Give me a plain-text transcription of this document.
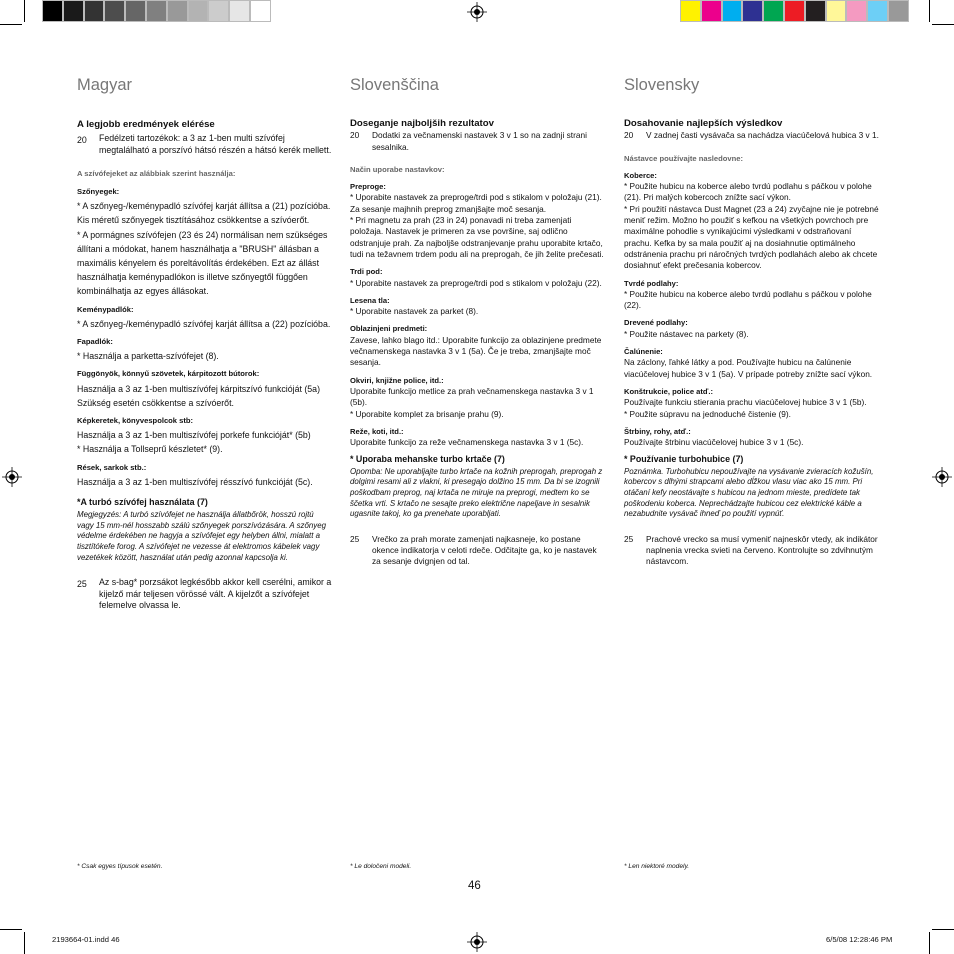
Magyar
A legjobb eredmények elérése
20	Fedélzeti tartozékok: a 3 az 1-ben multi szívófej megtalálható a porszívó hátsó részén a hátsó kerék mellett.
A szívófejeket az alábbiak szerint használja:
Szőnyegek:

* A szőnyeg-/keménypadló szívófej karját állítsa a (21) pozícióba. Kis méretű szőnyegek tisztításához csökkentse a szívóerőt.

* A pormágnes szívófejen (23 és 24) normálisan nem szükséges állítani a módokat, hanem használhatja a "BRUSH" állásban a maximális kényelem és poreltávolítás érdekében. Ezt az állást használhatja keménypadlókon is illetve szőnyegtől függően kombinálhatja az egyes állásokat.

Keménypadlók:

* A szőnyeg-/keménypadló szívófej karját állítsa a (22) pozícióba.

Fapadlók:

* Használja a parketta-szívófejet (8).

Függönyök, könnyű szövetek, kárpitozott bútorok:

Használja a 3 az 1-ben multiszívófej kárpitszívó funkcióját (5a)

Szükség esetén csökkentse a szívóerőt.

Képkeretek, könyvespolcok stb:

Használja a 3 az 1-ben multiszívófej porkefe funkcióját* (5b)

* Használja a Tollseprű készletet* (9).

Rések, sarkok stb.:

Használja a 3 az 1-ben multiszívófej résszívó funkcióját (5c).

*A turbó szívófej használata (7)

Megjegyzés: A turbó szívófejet ne használja állatbőrök, hosszú rojtú vagy 15 mm-nél hosszabb szálú szőnyegek porszívózására. A szőnyeg védelme érdekében ne hagyja a szívófejet egy helyben állni, mialatt a tisztítókefe forog. A szívófejet ne vezesse át elektromos kábelek vagy vezetékek között, használat után pedig azonnal kapcsolja ki.

25	Az s-bag* porzsákot legkésőbb akkor kell cserélni, amikor a kijelző már teljesen vörössé vált. A kijelzőt a szívófejet felemelve olvassa le.
* Csak egyes típusok esetén.
Slovenščina
Doseganje najboljših rezultatov
20	Dodatki za večnamenski nastavek 3 v 1 so na zadnji strani sesalnika.
Način uporabe nastavkov:
Preproge:

* Uporabite nastavek za preproge/trdi pod s stikalom v položaju (21). Za sesanje majhnih preprog zmanjšajte moč sesanja.

* Pri magnetu za prah (23 in 24) ponavadi ni treba zamenjati položaja. Nastavek je primeren za vse površine, saj odlično odstranjuje prah. Za najboljše odstranjevanje prahu uporabite krtačo, tudi na težavnem trdem podu ali na preprogah, če jih želite prečesati.

Trdi pod:

* Uporabite nastavek za preproge/trdi pod s stikalom v položaju (22).

Lesena tla:

* Uporabite nastavek za parket (8).

Oblazinjeni predmeti:

Zavese, lahko blago itd.: Uporabite funkcijo za oblazinjene predmete večnamenskega nastavka 3 v 1 (5a). Če je treba, zmanjšajte moč sesanja.

Okviri, knjižne police, itd.:

Uporabite funkcijo metlice za prah večnamenskega nastavka 3 v 1 (5b).

* Uporabite komplet za brisanje prahu (9).

Reže, koti, itd.:

Uporabite funkcijo za reže večnamenskega nastavka 3 v 1 (5c).

* Uporaba mehanske turbo krtače (7)

Opomba: Ne uporabljajte turbo krtače na kožnih preprogah, preprogah z dolgimi resami ali z vlakni, ki presegajo dolžino 15 mm. Da bi se izognili poškodbam preprog, naj krtača ne miruje na preprogi, medtem ko se ščetka vrti. S krtačo ne sesajte preko električne napeljave in sesalnik ugasnite takoj, ko ga prenehate uporabljati.

25	Vrečko za prah morate zamenjati najkasneje, ko postane okence indikatorja v celoti rdeče. Odčitajte ga, ko je nastavek za sesanje dvignjen od tal.
* Le določeni modeli.
Slovensky
Dosahovanie najlepších výsledkov
20	V zadnej časti vysávača sa nachádza viacúčelová hubica 3 v 1.
Nástavce používajte nasledovne:
Koberce:

* Použite hubicu na koberce alebo tvrdú podlahu s páčkou v polohe (21). Pri malých kobercoch znížte sací výkon.

* Pri použití nástavca Dust Magnet (23 a 24) zvyčajne nie je potrebné meniť režim. Možno ho použiť s kefkou na všetkých povrchoch pre maximálne pohodlie s vynikajúcimi výsledkami v odstraňovaní prachu. Kefka by sa mala použiť aj na dosiahnutie optimálneho odstránenia prachu pri náročných tvrdých podlahách alebo ak chcete dosiahnuť efekt prečesania kobercov.

Tvrdé podlahy:

* Použite hubicu na koberce alebo tvrdú podlahu s páčkou v polohe (22).

Drevené podlahy:

* Použite nástavec na parkety (8).

Čalúnenie:

Na záclony, ľahké látky a pod. Používajte hubicu na čalúnenie viacúčelovej hubice 3 v 1 (5a). V prípade potreby znížte sací výkon.

Konštrukcie, police atď.:

Používajte funkciu stierania prachu viacúčelovej hubice 3 v 1 (5b).

* Použite súpravu na jednoduché čistenie (9).

Štrbiny, rohy, atď.:

Používajte štrbinu viacúčelovej hubice 3 v 1 (5c).

* Používanie turbohubice (7)

Poznámka. Turbohubicu nepoužívajte na vysávanie zvieracích kožušín, kobercov s dlhými strapcami alebo dĺžkou vlasu viac ako 15 mm. Pri otáčaní kefy neostávajte s hubicou na jednom mieste, predídete tak poškodeniu koberca. Neprechádzajte hubicou cez elektrické káble a nezabudnite vysávač ihneď po použití vypnúť.

25	Prachové vrecko sa musí vymeniť najneskôr vtedy, ak indikátor naplnenia vrecka svieti na červeno. Kontrolujte so zdvihnutým nástavcom.
* Len niektoré modely.
46
2193664-01.indd 46	6/5/08 12:28:46 PM
